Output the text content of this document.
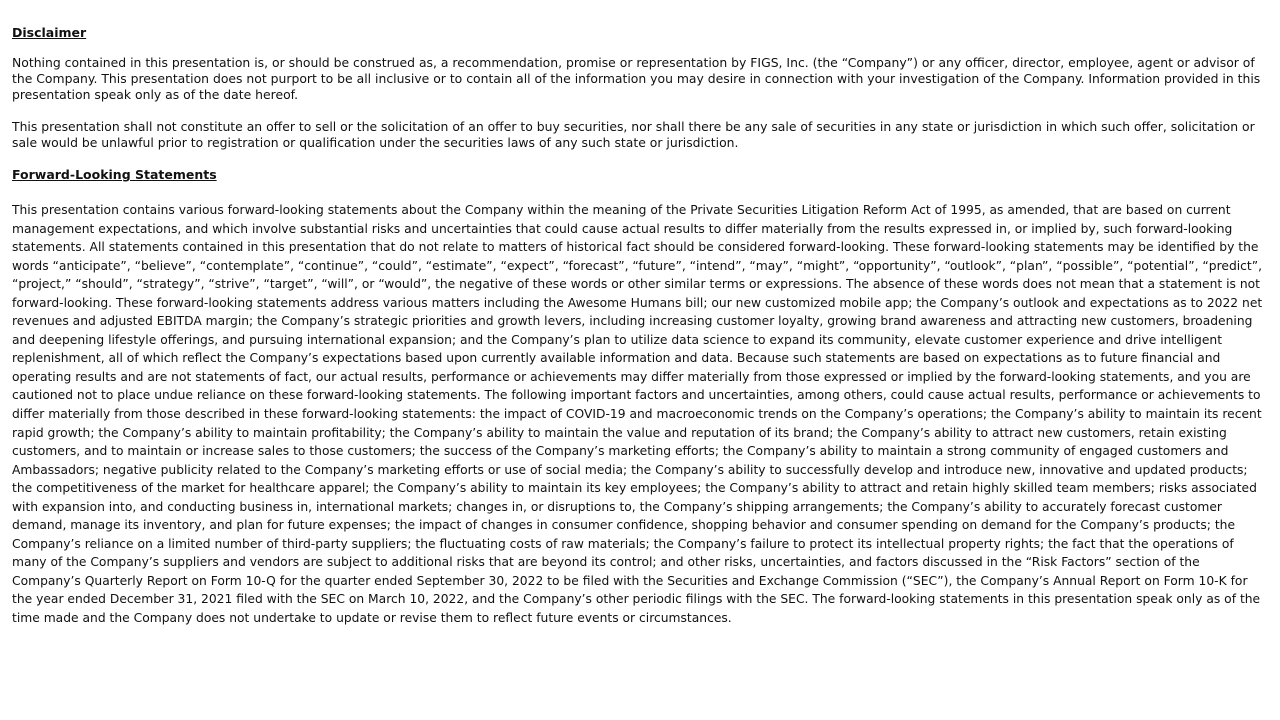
Disclaimer

Nothing contained in this presentation is, or should be construed as, a recommendation, promise or representation by FIGS, Inc. (the “Company”) or any officer, director, employee, agent or advisor of the Company. This presentation does not purport to be all inclusive or to contain all of the information you may desire in connection with your investigation of the Company. Information provided in this presentation speak only as of the date hereof.

This presentation shall not constitute an offer to sell or the solicitation of an offer to buy securities, nor shall there be any sale of securities in any state or jurisdiction in which such offer, solicitation or sale would be unlawful prior to registration or qualification under the securities laws of any such state or jurisdiction.

Forward-Looking Statements

This presentation contains various forward-looking statements about the Company within the meaning of the Private Securities Litigation Reform Act of 1995, as amended, that are based on current management expectations, and which involve substantial risks and uncertainties that could cause actual results to differ materially from the results expressed in, or implied by, such forward-looking statements. All statements contained in this presentation that do not relate to matters of historical fact should be considered forward-looking. These forward-looking statements may be identified by the words “anticipate”, “believe”, “contemplate”, “continue”, “could”, “estimate”, “expect”, “forecast”, “future”, “intend”, “may”, “might”, “opportunity”, “outlook”, “plan”, “possible”, “potential”, “predict”, “project,” “should”, “strategy”, “strive”, “target”, “will”, or “would”, the negative of these words or other similar terms or expressions. The absence of these words does not mean that a statement is not forward-looking. These forward-looking statements address various matters including the Awesome Humans bill; our new customized mobile app; the Company’s outlook and expectations as to 2022 net revenues and adjusted EBITDA margin; the Company’s strategic priorities and growth levers, including increasing customer loyalty, growing brand awareness and attracting new customers, broadening and deepening lifestyle offerings, and pursuing international expansion; and the Company’s plan to utilize data science to expand its community, elevate customer experience and drive intelligent replenishment, all of which reflect the Company’s expectations based upon currently available information and data. Because such statements are based on expectations as to future financial and operating results and are not statements of fact, our actual results, performance or achievements may differ materially from those expressed or implied by the forward-looking statements, and you are cautioned not to place undue reliance on these forward-looking statements. The following important factors and uncertainties, among others, could cause actual results, performance or achievements to differ materially from those described in these forward-looking statements: the impact of COVID-19 and macroeconomic trends on the Company’s operations; the Company’s ability to maintain its recent rapid growth; the Company’s ability to maintain profitability; the Company’s ability to maintain the value and reputation of its brand; the Company’s ability to attract new customers, retain existing customers, and to maintain or increase sales to those customers; the success of the Company’s marketing efforts; the Company’s ability to maintain a strong community of engaged customers and Ambassadors; negative publicity related to the Company’s marketing efforts or use of social media; the Company’s ability to successfully develop and introduce new, innovative and updated products; the competitiveness of the market for healthcare apparel; the Company’s ability to maintain its key employees; the Company’s ability to attract and retain highly skilled team members; risks associated with expansion into, and conducting business in, international markets; changes in, or disruptions to, the Company’s shipping arrangements; the Company’s ability to accurately forecast customer demand, manage its inventory, and plan for future expenses; the impact of changes in consumer confidence, shopping behavior and consumer spending on demand for the Company’s products; the Company’s reliance on a limited number of third-party suppliers; the fluctuating costs of raw materials; the Company’s failure to protect its intellectual property rights; the fact that the operations of many of the Company’s suppliers and vendors are subject to additional risks that are beyond its control; and other risks, uncertainties, and factors discussed in the “Risk Factors” section of the Company’s Quarterly Report on Form 10-Q for the quarter ended September 30, 2022 to be filed with the Securities and Exchange Commission (“SEC”), the Company’s Annual Report on Form 10-K for the year ended December 31, 2021 filed with the SEC on March 10, 2022, and the Company’s other periodic filings with the SEC. The forward-looking statements in this presentation speak only as of the time made and the Company does not undertake to update or revise them to reflect future events or circumstances.
